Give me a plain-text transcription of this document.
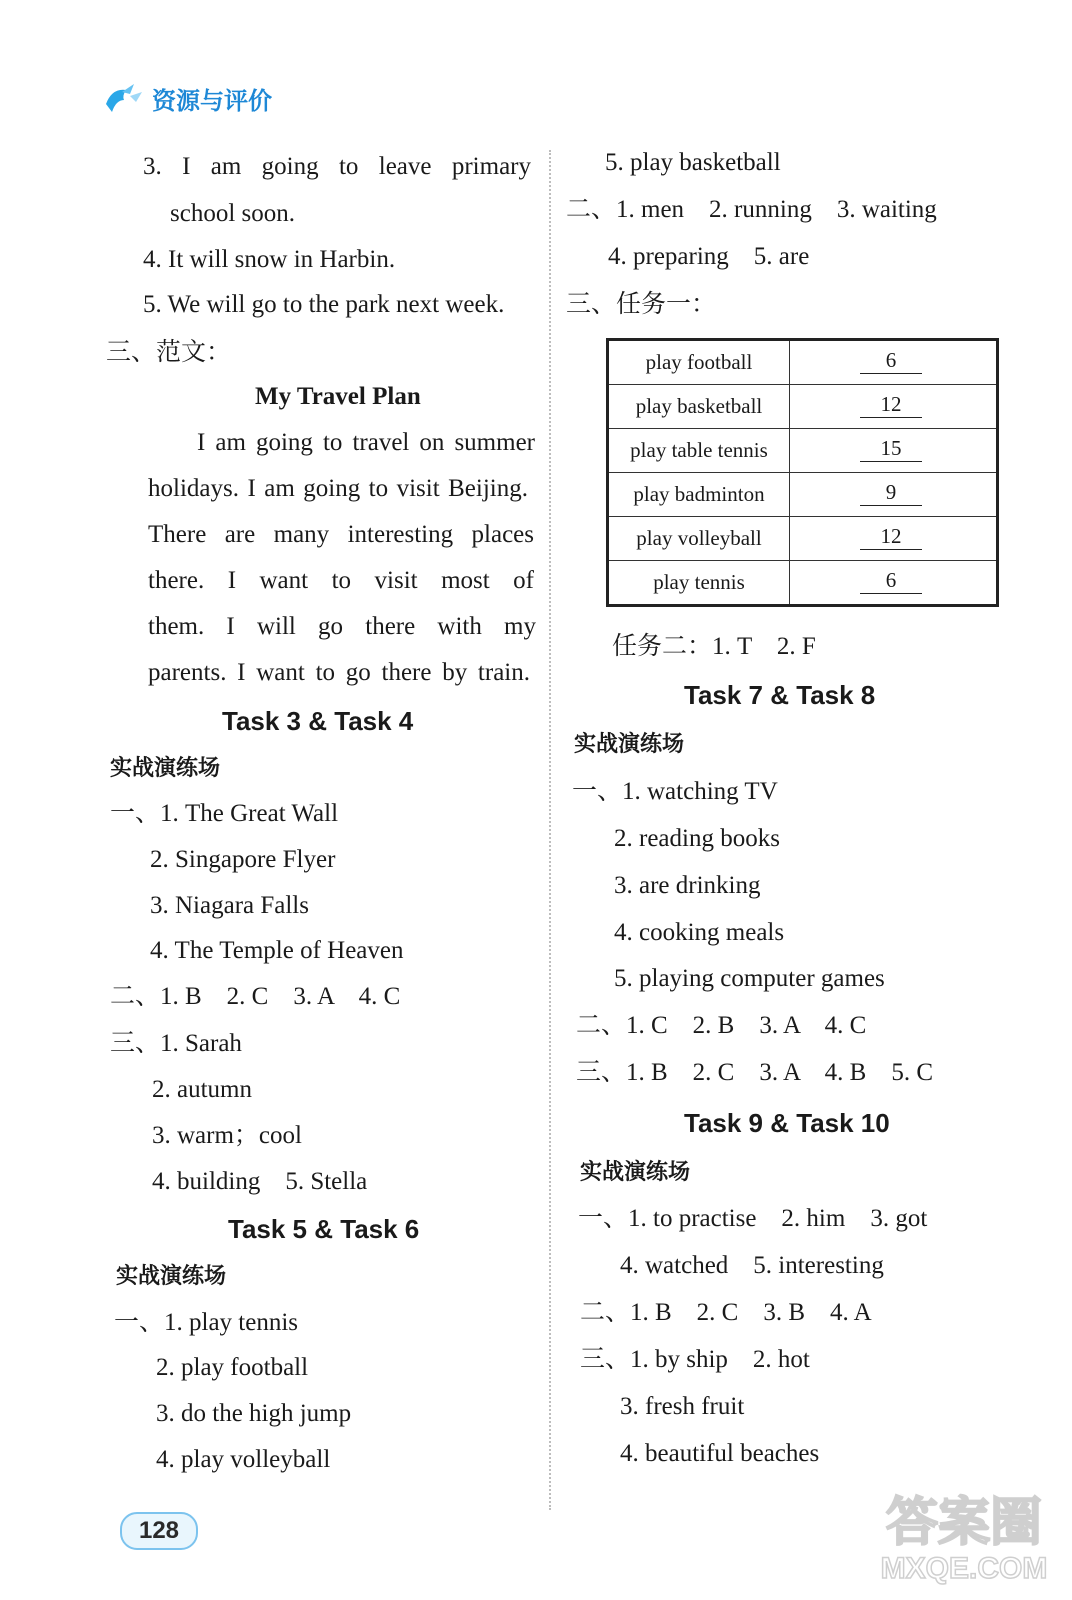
资源与评价
3. I am going to leave primary
school soon.
4. It will snow in Harbin.
5. We will go to the park next week.
三、范文：
My Travel Plan
I am going to travel on summer
holidays. I am going to visit Beijing.
There are many interesting places
there. I want to visit most of
them. I will go there with my
parents. I want to go there by train.
Task 3 & Task 4
实战演练场
一、1. The Great Wall
2. Singapore Flyer
3. Niagara Falls
4. The Temple of Heaven
二、1. B　2. C　3. A　4. C
三、1. Sarah
2. autumn
3. warm；cool
4. building　5. Stella
Task 5 & Task 6
实战演练场
一、1. play tennis
2. play football
3. do the high jump
4. play volleyball
5. play basketball
二、1. men　2. running　3. waiting
4. preparing　5. are
三、任务一：
play football	6

play basketball	12

play table tennis	15

play badminton	9

play volleyball	12

play tennis	6
任务二：1. T　2. F
Task 7 & Task 8
实战演练场
一、1. watching TV
2. reading books
3. are drinking
4. cooking meals
5. playing computer games
二、1. C　2. B　3. A　4. C
三、1. B　2. C　3. A　4. B　5. C
Task 9 & Task 10
实战演练场
一、1. to practise　2. him　3. got
4. watched　5. interesting
二、1. B　2. C　3. B　4. A
三、1. by ship　2. hot
3. fresh fruit
4. beautiful beaches
128	答案圈
MXQE.COM
